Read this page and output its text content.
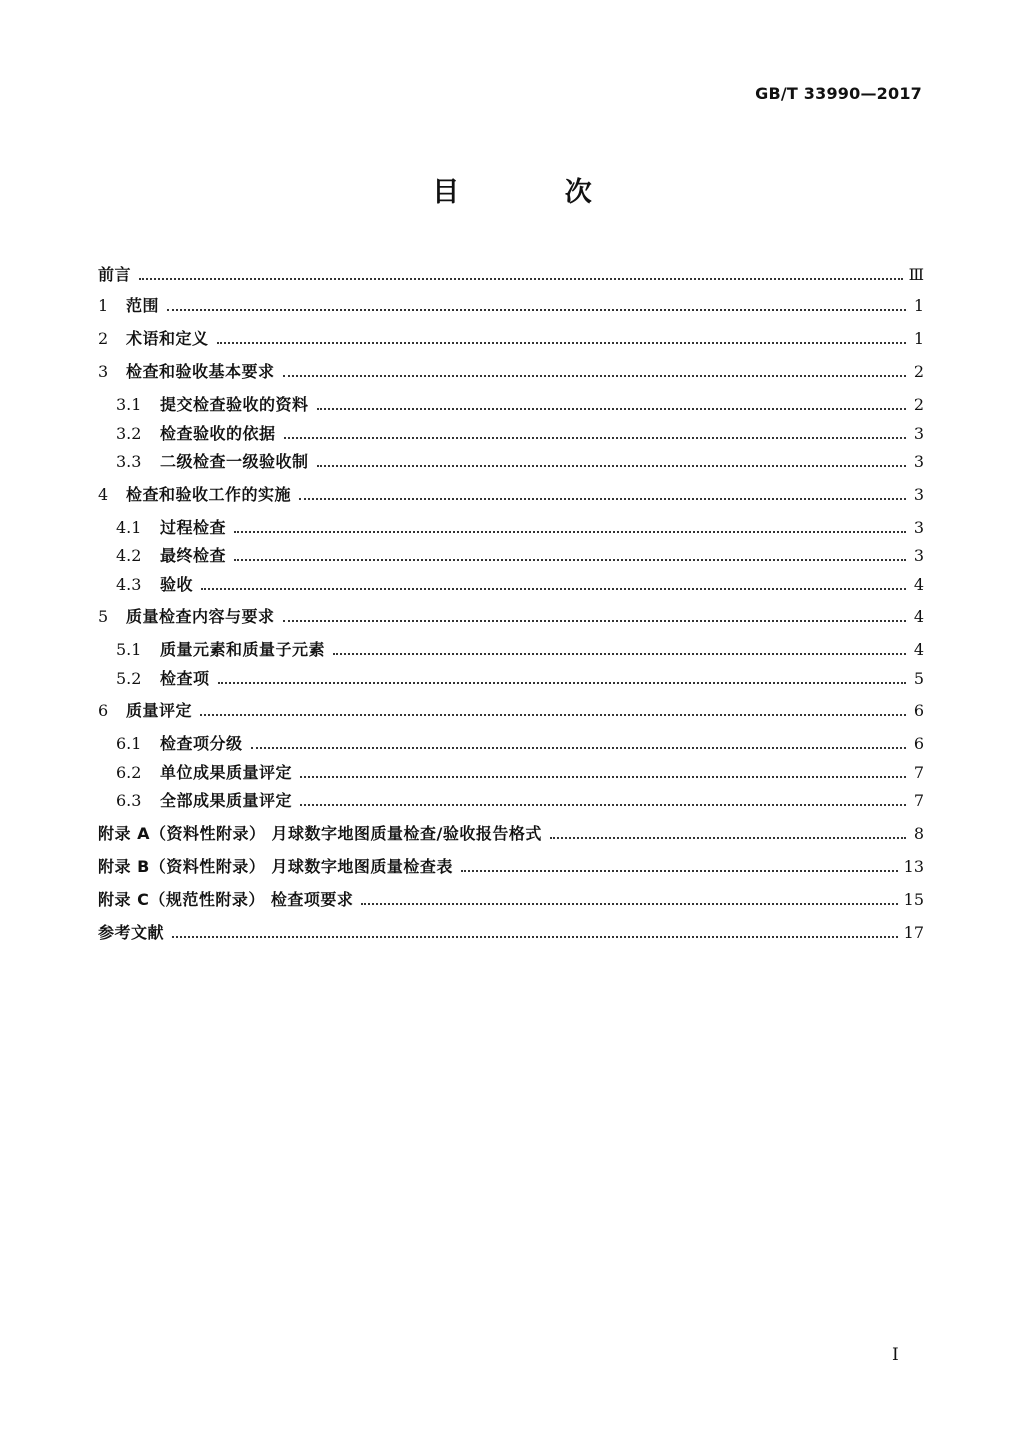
GB/T 33990—2017
目 次
前言	Ⅲ
1	范围	1
2	术语和定义	1
3	检查和验收基本要求	2
3.1	提交检查验收的资料	2
3.2	检查验收的依据	3
3.3	二级检查一级验收制	3
4	检查和验收工作的实施	3
4.1	过程检查	3
4.2	最终检查	3
4.3	验收	4
5	质量检查内容与要求	4
5.1	质量元素和质量子元素	4
5.2	检查项	5
6	质量评定	6
6.1	检查项分级	6
6.2	单位成果质量评定	7
6.3	全部成果质量评定	7
附录 A（资料性附录） 月球数字地图质量检查/验收报告格式	8
附录 B（资料性附录） 月球数字地图质量检查表	13
附录 C（规范性附录） 检查项要求	15
参考文献	17
I
